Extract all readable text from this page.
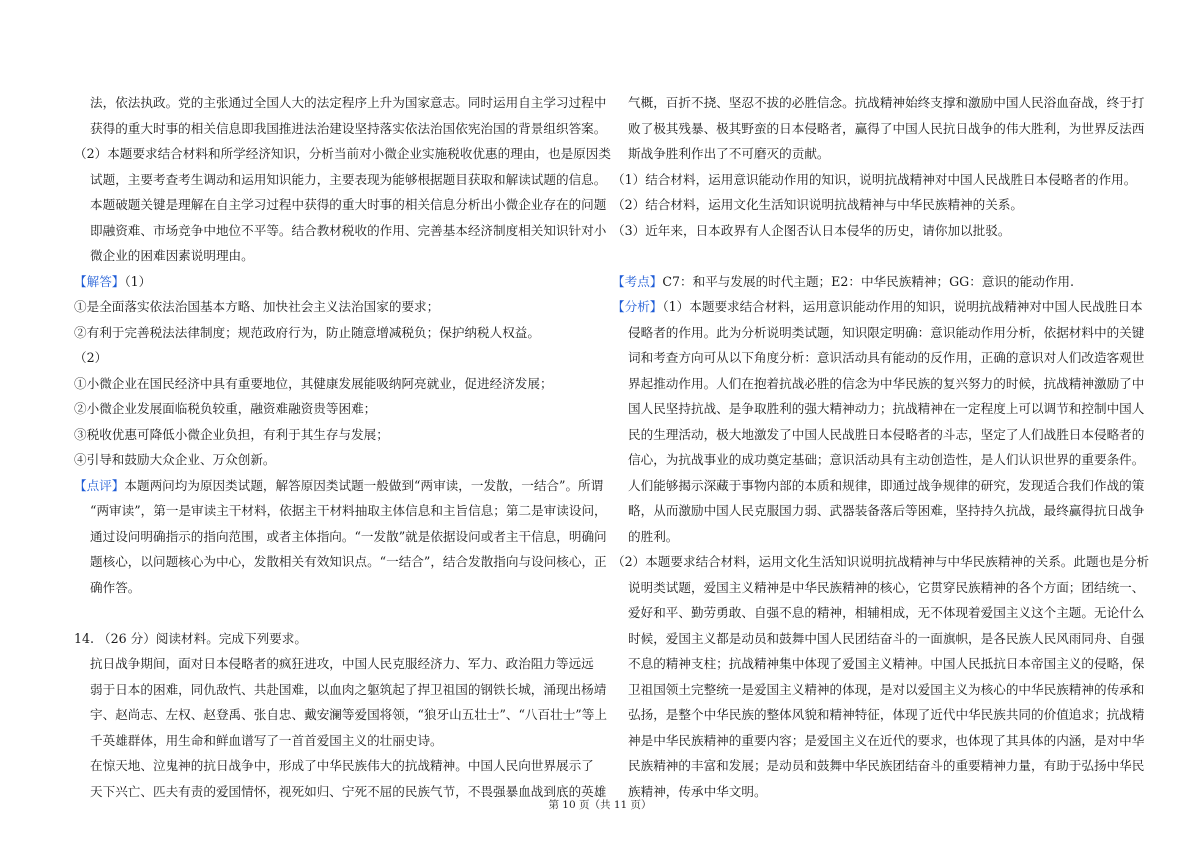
法，依法执政。党的主张通过全国人大的法定程序上升为国家意志。同时运用自主学习过程中

获得的重大时事的相关信息即我国推进法治建设坚持落实依法治国依宪治国的背景组织答案。

（2）本题要求结合材料和所学经济知识，分析当前对小微企业实施税收优惠的理由，也是原因类

试题，主要考查考生调动和运用知识能力，主要表现为能够根据题目获取和解读试题的信息。

本题破题关键是理解在自主学习过程中获得的重大时事的相关信息分析出小微企业存在的问题

即融资难、市场竞争中地位不平等。结合教材税收的作用、完善基本经济制度相关知识针对小

微企业的困难因素说明理由。

【解答】（1）

①是全面落实依法治国基本方略、加快社会主义法治国家的要求；

②有利于完善税法法律制度；规范政府行为，防止随意增减税负；保护纳税人权益。

（2）

①小微企业在国民经济中具有重要地位，其健康发展能吸纳阿亮就业，促进经济发展；

②小微企业发展面临税负较重，融资难融资贵等困难；

③税收优惠可降低小微企业负担，有利于其生存与发展；

④引导和鼓励大众企业、万众创新。

【点评】本题两问均为原因类试题，解答原因类试题一般做到“两审读，一发散，一结合”。所谓

“两审读”，第一是审读主干材料，依据主干材料抽取主体信息和主旨信息；第二是审读设问，

通过设问明确指示的指向范围，或者主体指向。“一发散”就是依据设问或者主干信息，明确问

题核心，以问题核心为中心，发散相关有效知识点。“一结合”，结合发散指向与设问核心，正

确作答。

14. （26 分）阅读材料。完成下列要求。

抗日战争期间，面对日本侵略者的疯狂进攻，中国人民克服经济力、军力、政治阻力等远远

弱于日本的困难，同仇敌忾、共赴国难，以血肉之躯筑起了捍卫祖国的钢铁长城，涌现出杨靖

宇、赵尚志、左权、赵登禹、张自忠、戴安澜等爱国将领，“狼牙山五壮士”、“八百壮士”等上

千英雄群体，用生命和鲜血谱写了一首首爱国主义的壮丽史诗。

在惊天地、泣鬼神的抗日战争中，形成了中华民族伟大的抗战精神。中国人民向世界展示了

天下兴亡、匹夫有责的爱国情怀，视死如归、宁死不屈的民族气节，不畏强暴血战到底的英雄

气概，百折不挠、坚忍不拔的必胜信念。抗战精神始终支撑和激励中国人民浴血奋战，终于打

败了极其残暴、极其野蛮的日本侵略者，赢得了中国人民抗日战争的伟大胜利，为世界反法西

斯战争胜利作出了不可磨灭的贡献。

（1）结合材料，运用意识能动作用的知识，说明抗战精神对中国人民战胜日本侵略者的作用。

（2）结合材料，运用文化生活知识说明抗战精神与中华民族精神的关系。

（3）近年来，日本政界有人企图否认日本侵华的历史，请你加以批驳。

【考点】C7：和平与发展的时代主题；E2：中华民族精神；GG：意识的能动作用.

【分析】（1）本题要求结合材料，运用意识能动作用的知识，说明抗战精神对中国人民战胜日本

侵略者的作用。此为分析说明类试题，知识限定明确：意识能动作用分析，依据材料中的关键

词和考查方向可从以下角度分析：意识活动具有能动的反作用，正确的意识对人们改造客观世

界起推动作用。人们在抱着抗战必胜的信念为中华民族的复兴努力的时候，抗战精神激励了中

国人民坚持抗战、是争取胜利的强大精神动力；抗战精神在一定程度上可以调节和控制中国人

民的生理活动，极大地激发了中国人民战胜日本侵略者的斗志，坚定了人们战胜日本侵略者的

信心，为抗战事业的成功奠定基础；意识活动具有主动创造性，是人们认识世界的重要条件。

人们能够揭示深藏于事物内部的本质和规律，即通过战争规律的研究，发现适合我们作战的策

略，从而激励中国人民克服国力弱、武器装备落后等困难，坚持持久抗战，最终赢得抗日战争

的胜利。

（2）本题要求结合材料，运用文化生活知识说明抗战精神与中华民族精神的关系。此题也是分析

说明类试题，爱国主义精神是中华民族精神的核心，它贯穿民族精神的各个方面；团结统一、

爱好和平、勤劳勇敢、自强不息的精神，相辅相成，无不体现着爱国主义这个主题。无论什么

时候，爱国主义都是动员和鼓舞中国人民团结奋斗的一面旗帜，是各民族人民风雨同舟、自强

不息的精神支柱；抗战精神集中体现了爱国主义精神。中国人民抵抗日本帝国主义的侵略，保

卫祖国领土完整统一是爱国主义精神的体现，是对以爱国主义为核心的中华民族精神的传承和

弘扬，是整个中华民族的整体风貌和精神特征，体现了近代中华民族共同的价值追求；抗战精

神是中华民族精神的重要内容；是爱国主义在近代的要求，也体现了其具体的内涵，是对中华

民族精神的丰富和发展；是动员和鼓舞中华民族团结奋斗的重要精神力量，有助于弘扬中华民

族精神，传承中华文明。

第 10 页（共 11 页）
